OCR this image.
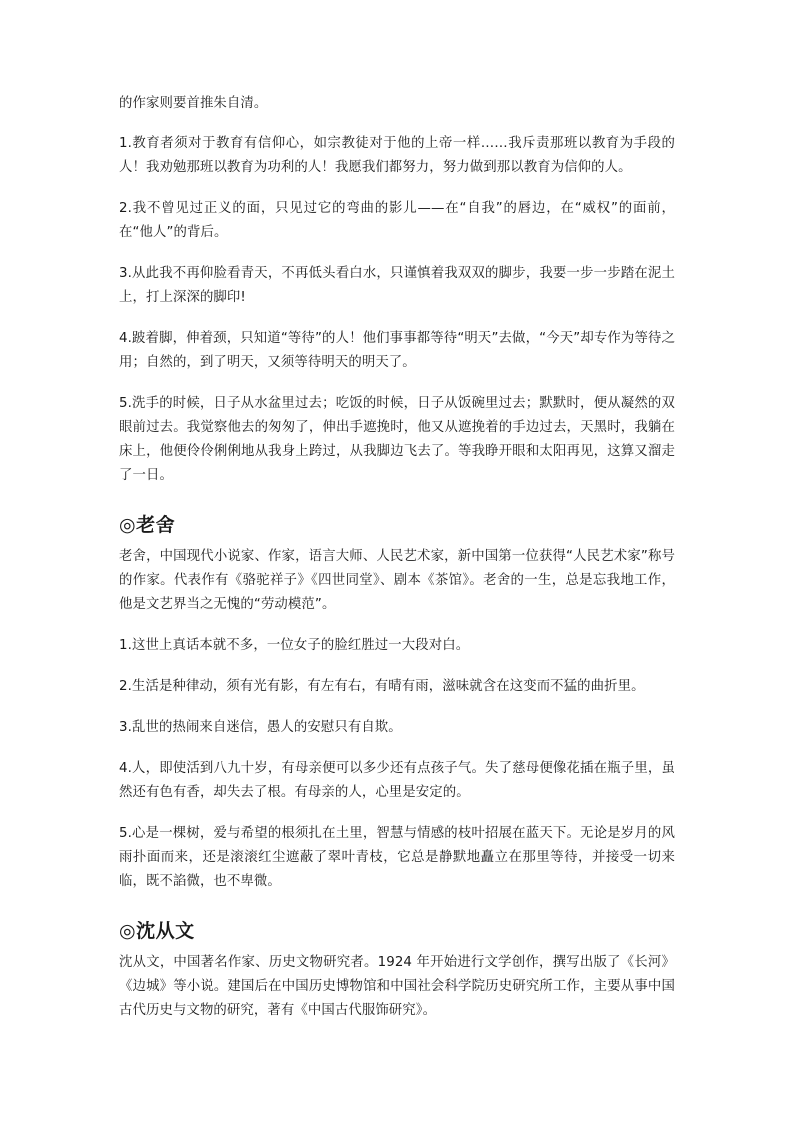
的作家则要首推朱自清。

1.教育者须对于教育有信仰心，如宗教徒对于他的上帝一样……我斥责那班以教育为手段的人！我劝勉那班以教育为功利的人！我愿我们都努力，努力做到那以教育为信仰的人。

2.我不曾见过正义的面，只见过它的弯曲的影儿——在“自我”的唇边，在“威权”的面前，在“他人”的背后。

3.从此我不再仰脸看青天，不再低头看白水，只谨慎着我双双的脚步，我要一步一步踏在泥土上，打上深深的脚印!

4.跛着脚，伸着颈，只知道“等待”的人！他们事事都等待“明天”去做，“今天”却专作为等待之用；自然的，到了明天，又须等待明天的明天了。

5.洗手的时候，日子从水盆里过去；吃饭的时候，日子从饭碗里过去；默默时，便从凝然的双眼前过去。我觉察他去的匆匆了，伸出手遮挽时，他又从遮挽着的手边过去，天黑时，我躺在床上，他便伶伶俐俐地从我身上跨过，从我脚边飞去了。等我睁开眼和太阳再见，这算又溜走了一日。

◎老舍

老舍，中国现代小说家、作家，语言大师、人民艺术家，新中国第一位获得“人民艺术家”称号的作家。代表作有《骆驼祥子》《四世同堂》、剧本《茶馆》。老舍的一生，总是忘我地工作，他是文艺界当之无愧的“劳动模范”。

1.这世上真话本就不多，一位女子的脸红胜过一大段对白。

2.生活是种律动，须有光有影，有左有右，有晴有雨，滋味就含在这变而不猛的曲折里。

3.乱世的热闹来自迷信，愚人的安慰只有自欺。

4.人，即使活到八九十岁，有母亲便可以多少还有点孩子气。失了慈母便像花插在瓶子里，虽然还有色有香，却失去了根。有母亲的人，心里是安定的。

5.心是一棵树，爱与希望的根须扎在土里，智慧与情感的枝叶招展在蓝天下。无论是岁月的风雨扑面而来，还是滚滚红尘遮蔽了翠叶青枝，它总是静默地矗立在那里等待，并接受一切来临，既不諂微，也不卑微。

◎沈从文

沈从文，中国著名作家、历史文物研究者。1924 年开始进行文学创作，撰写出版了《长河》《边城》等小说。建国后在中国历史博物馆和中国社会科学院历史研究所工作，主要从事中国古代历史与文物的研究，著有《中国古代服饰研究》。
